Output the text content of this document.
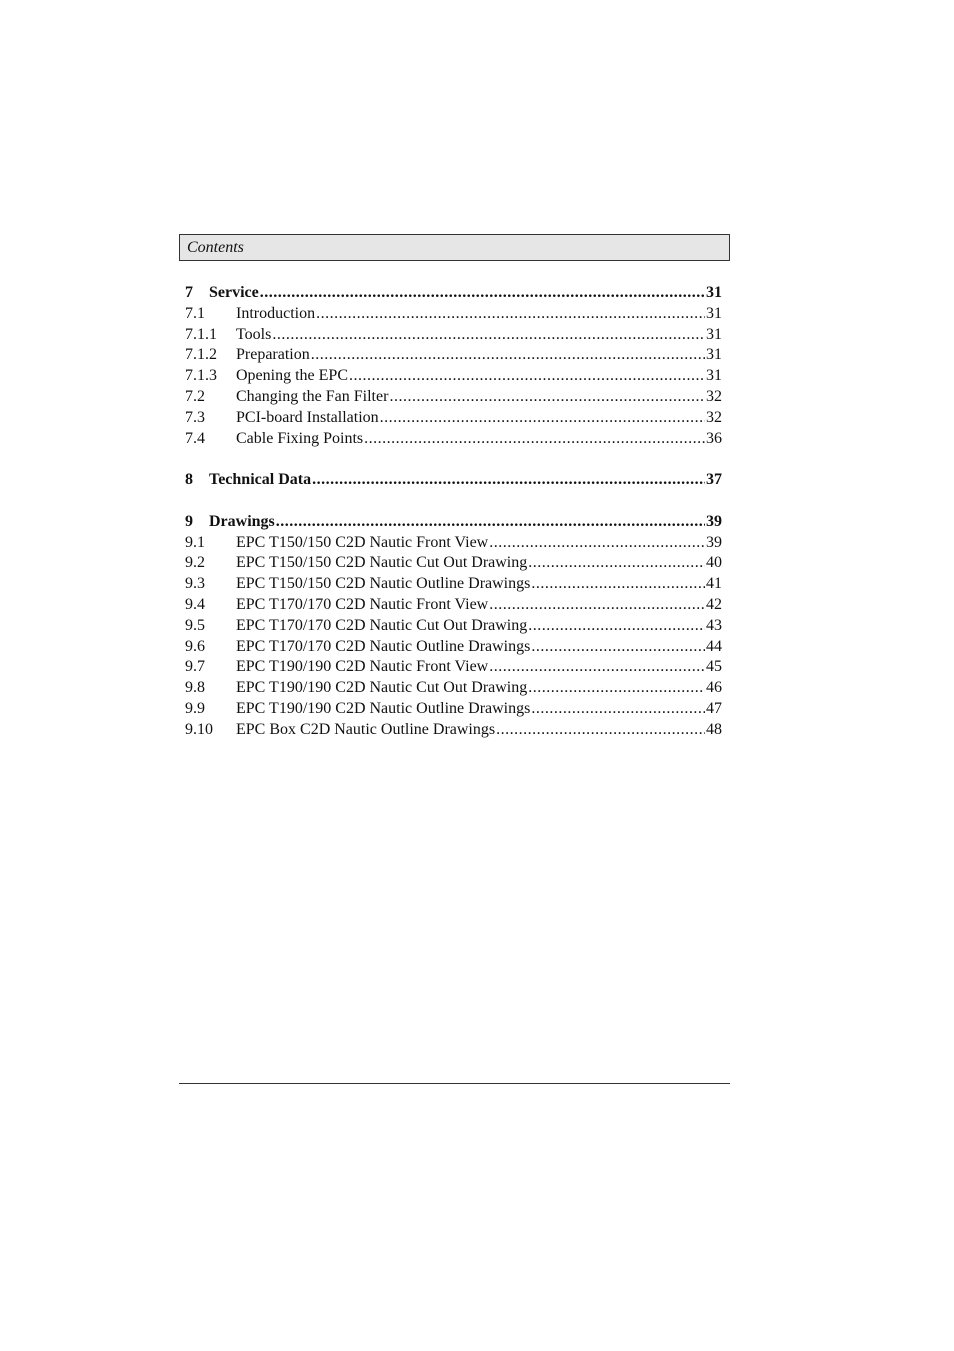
Contents
7	Service .....	31
7.1	Introduction .....	31
7.1.1	Tools .....	31
7.1.2	Preparation .....	31
7.1.3	Opening the EPC .....	31
7.2	Changing the Fan Filter .....	32
7.3	PCI-board Installation .....	32
7.4	Cable Fixing Points .....	36
8	Technical Data .....	37
9	Drawings .....	39
9.1	EPC T150/150 C2D Nautic Front View .....	39
9.2	EPC T150/150 C2D Nautic Cut Out Drawing .....	40
9.3	EPC T150/150 C2D Nautic Outline Drawings .....	41
9.4	EPC T170/170 C2D Nautic Front View .....	42
9.5	EPC T170/170 C2D Nautic Cut Out Drawing .....	43
9.6	EPC T170/170 C2D Nautic Outline Drawings .....	44
9.7	EPC T190/190 C2D Nautic Front View .....	45
9.8	EPC T190/190 C2D Nautic Cut Out Drawing .....	46
9.9	EPC T190/190 C2D Nautic Outline Drawings .....	47
9.10	EPC Box C2D Nautic Outline Drawings .....	48
